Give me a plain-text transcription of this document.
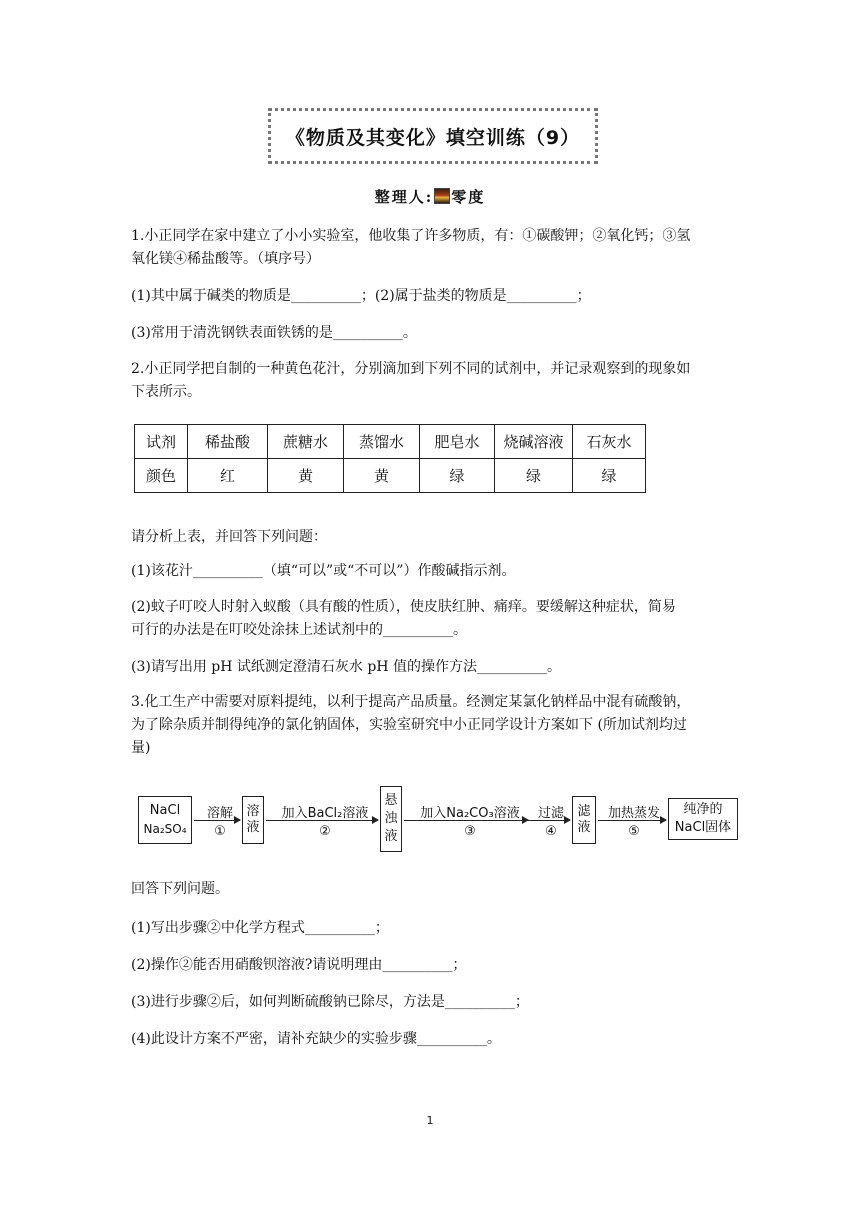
《物质及其变化》填空训练（9）
整理人: 零度
1.小正同学在家中建立了小小实验室，他收集了许多物质，有：①碳酸钾；②氧化钙；③氢
氧化镁④稀盐酸等。（填序号）
(1)其中属于碱类的物质是__________；(2)属于盐类的物质是__________；
(3)常用于清洗钢铁表面铁锈的是__________。
2.小正同学把自制的一种黄色花汁，分别滴加到下列不同的试剂中，并记录观察到的现象如
下表所示。
试剂	稀盐酸	蔗糖水	蒸馏水	肥皂水	烧碱溶液	石灰水
颜色	红	黄	黄	绿	绿	绿
请分析上表，并回答下列问题：
(1)该花汁__________（填“可以”或“不可以”）作酸碱指示剂。
(2)蚊子叮咬人时射入蚁酸（具有酸的性质），使皮肤红肿、痛痒。要缓解这种症状，简易
可行的办法是在叮咬处涂抹上述试剂中的__________。
(3)请写出用 pH 试纸测定澄清石灰水 pH 值的操作方法__________。
3.化工生产中需要对原料提纯，以利于提高产品质量。经测定某氯化钠样品中混有硫酸钠，
为了除杂质并制得纯净的氯化钠固体，实验室研究中小正同学设计方案如下 (所加试剂均过
量)
NaCl
Na₂SO₄
溶解
①
溶液
加入BaCl₂溶液
②
悬浊液
加入Na₂CO₃溶液
③
过滤
④
滤液
加热蒸发
⑤
纯净的
NaCl固体
回答下列问题。
(1)写出步骤②中化学方程式__________；
(2)操作②能否用硝酸钡溶液?请说明理由__________；
(3)进行步骤②后，如何判断硫酸钠已除尽，方法是__________；
(4)此设计方案不严密，请补充缺少的实验步骤__________。
1
